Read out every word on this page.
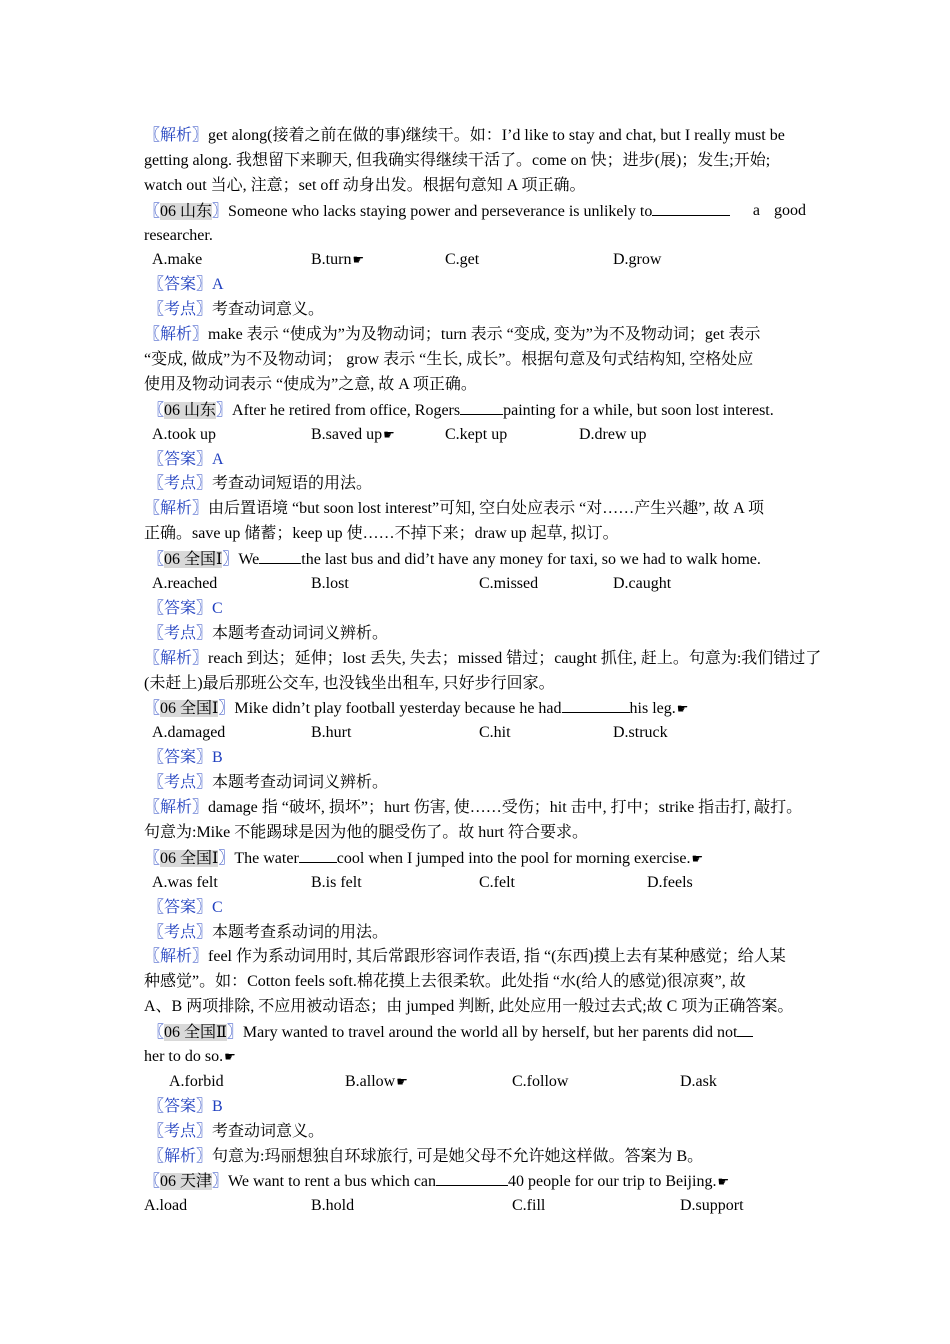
〖解析〗get along(接着之前在做的事)继续干。如：I’d like to stay and chat, but I really must be
getting along. 我想留下来聊天, 但我确实得继续干活了。come on 快；进步(展)；发生;开始;
watch out 当心, 注意；set off 动身出发。根据句意知 A 项正确。
〖06 山东〗Someone who lacks staying power and perseverance is unlikely to	a good
researcher.
A.make	B.turn☛	C.get	D.grow
〖答案〗A
〖考点〗考查动词意义。
〖解析〗make 表示 “使成为”为及物动词；turn 表示 “变成, 变为”为不及物动词；get 表示
“变成, 做成”为不及物动词； grow 表示 “生长, 成长”。根据句意及句式结构知, 空格处应
使用及物动词表示 “使成为”之意, 故 A 项正确。
〖06 山东〗After he retired from office, Rogers	painting for a while, but soon lost interest.
A.took up	B.saved up☛	C.kept up	D.drew up
〖答案〗A
〖考点〗考查动词短语的用法。
〖解析〗由后置语境 “but soon lost interest”可知, 空白处应表示 “对……产生兴趣”, 故 A 项
正确。save up 储蓄；keep up 使……不掉下来；draw up 起草, 拟订。
〖06 全国Ⅰ〗We	the last bus and did’t have any money for taxi, so we had to walk home.
A.reached	B.lost	C.missed	D.caught
〖答案〗C
〖考点〗本题考查动词词义辨析。
〖解析〗reach 到达；延伸；lost 丢失, 失去；missed 错过；caught 抓住, 赶上。句意为:我们错过了
(未赶上)最后那班公交车, 也没钱坐出租车, 只好步行回家。
〖06 全国Ⅰ〗Mike didn’t play football yesterday because he had	his leg.☛
A.damaged	B.hurt	C.hit	D.struck
〖答案〗B
〖考点〗本题考查动词词义辨析。
〖解析〗damage 指 “破坏, 损坏”；hurt 伤害, 使……受伤；hit 击中, 打中；strike 指击打, 敲打。
句意为:Mike 不能踢球是因为他的腿受伤了。故 hurt 符合要求。
〖06 全国Ⅰ〗The water cool when I jumped into the pool for morning exercise.☛
A.was felt	B.is felt	C.felt	D.feels
〖答案〗C
〖考点〗本题考查系动词的用法。
〖解析〗feel 作为系动词用时, 其后常跟形容词作表语, 指 “(东西)摸上去有某种感觉；给人某
种感觉”。如：Cotton feels soft.棉花摸上去很柔软。此处指 “水(给人的感觉)很凉爽”, 故
A、B 两项排除, 不应用被动语态；由 jumped 判断, 此处应用一般过去式;故 C 项为正确答案。
〖06 全国Ⅱ〗Mary wanted to travel around the world all by herself, but her parents did not
her to do so.☛
A.forbid	B.allow☛	C.follow	D.ask
〖答案〗B
〖考点〗考查动词意义。
〖解析〗句意为:玛丽想独自环球旅行, 可是她父母不允许她这样做。答案为 B。
〖06 天津〗We want to rent a bus which can	40 people for our trip to Beijing.☛
A.load	B.hold	C.fill	D.support
